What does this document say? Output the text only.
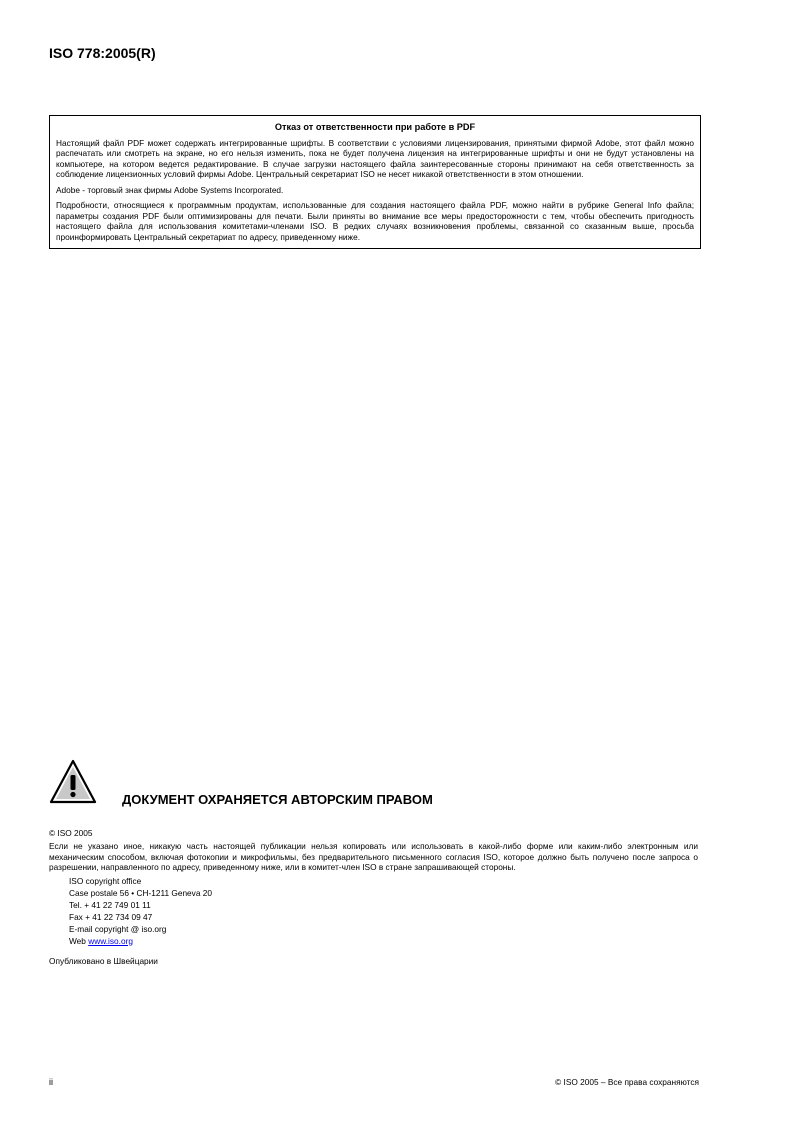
ISO 778:2005(R)
Отказ от ответственности при работе в PDF

Настоящий файл PDF может содержать интегрированные шрифты. В соответствии с условиями лицензирования, принятыми фирмой Adobe, этот файл можно распечатать или смотреть на экране, но его нельзя изменить, пока не будет получена лицензия на интегрированные шрифты и они не будут установлены на компьютере, на котором ведется редактирование. В случае загрузки настоящего файла заинтересованные стороны принимают на себя ответственность за соблюдение лицензионных условий фирмы Adobe. Центральный секретариат ISO не несет никакой ответственности в этом отношении.

Adobe - торговый знак фирмы Adobe Systems Incorporated.

Подробности, относящиеся к программным продуктам, использованные для создания настоящего файла PDF, можно найти в рубрике General Info файла; параметры создания PDF были оптимизированы для печати. Были приняты во внимание все меры предосторожности с тем, чтобы обеспечить пригодность настоящего файла для использования комитетами-членами ISO. В редких случаях возникновения проблемы, связанной со сказанным выше, просьба проинформировать Центральный секретариат по адресу, приведенному ниже.

ДОКУМЕНТ ОХРАНЯЕТСЯ АВТОРСКИМ ПРАВОМ

© ISO 2005

Если не указано иное, никакую часть настоящей публикации нельзя копировать или использовать в какой-либо форме или каким-либо электронным или механическим способом, включая фотокопии и микрофильмы, без предварительного письменного согласия ISO, которое должно быть получено после запроса о разрешении, направленного по адресу, приведенному ниже, или в комитет-член ISO в стране запрашивающей стороны.

ISO copyright office
Case postale 56 • CH-1211 Geneva 20
Tel. + 41 22 749 01 11
Fax + 41 22 734 09 47
E-mail copyright @ iso.org
Web www.iso.org

Опубликовано в Швейцарии

ii	© ISO 2005 – Все права сохраняются
